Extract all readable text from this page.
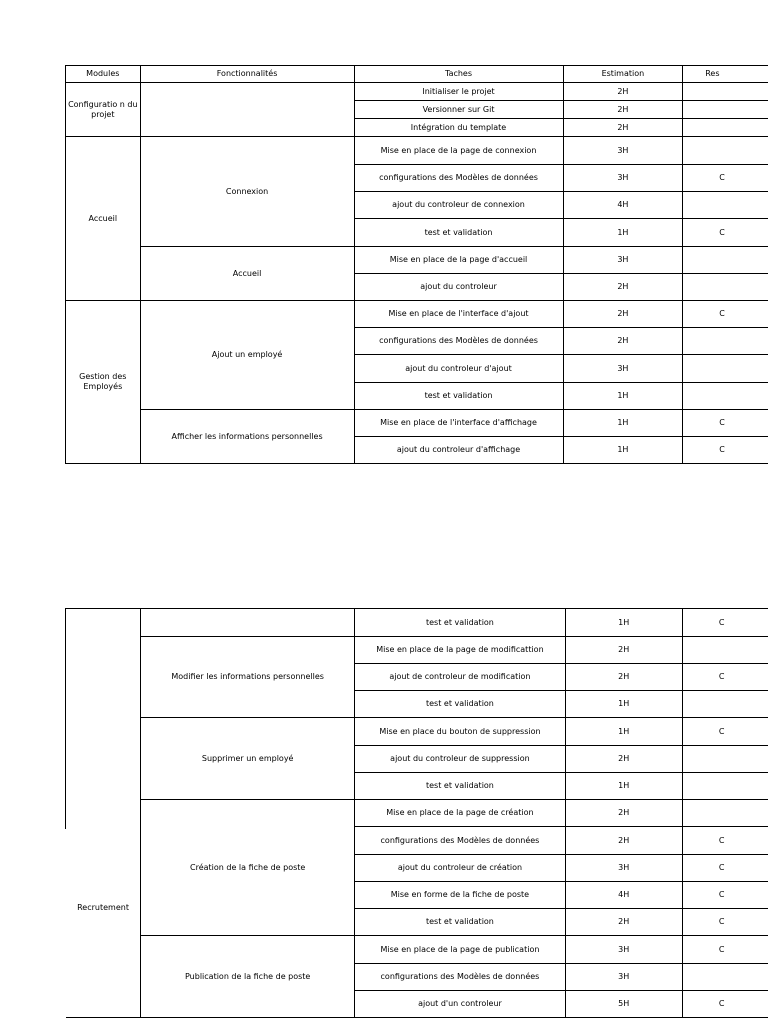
Modules	Fonctionnalités	Taches	Estimation	Res
Configuratio n du projet		Initialiser le projet	2H	
		Versionner sur Git	2H	
		Intégration du template	2H	
Accueil	Connexion	Mise en place de la page de connexion	3H	
		configurations des Modèles de données	3H	C
		ajout du controleur de connexion	4H	
		test et validation	1H	C
	Accueil	Mise en place de la page d'accueil	3H	
		ajout du controleur	2H	
Gestion des Employés	Ajout un employé	Mise en place de l'interface d'ajout	2H	C
		configurations des Modèles de données	2H	
		ajout du controleur d'ajout	3H	
		test et validation	1H	
	Afficher les informations personnelles	Mise en place de l'interface d'affichage	1H	C
		ajout du controleur d'affichage	1H	C
		test et validation	1H	C
	Modifier les informations personnelles	Mise en place de la page de modificattion	2H	
		ajout de controleur de modification	2H	C
		test et validation	1H	
	Supprimer un employé	Mise en place du bouton de suppression	1H	C
		ajout du controleur de suppression	2H	
		test et validation	1H	
Recrutement	Création de la fiche de poste	Mise en place de la page de création	2H	
		configurations des Modèles de données	2H	C
		ajout du controleur de création	3H	C
		Mise en forme de la fiche de poste	4H	C
		test et validation	2H	C
	Publication de la fiche de poste	Mise en place de la page de publication	3H	C
		configurations des Modèles de données	3H	
		ajout d'un controleur	5H	C
